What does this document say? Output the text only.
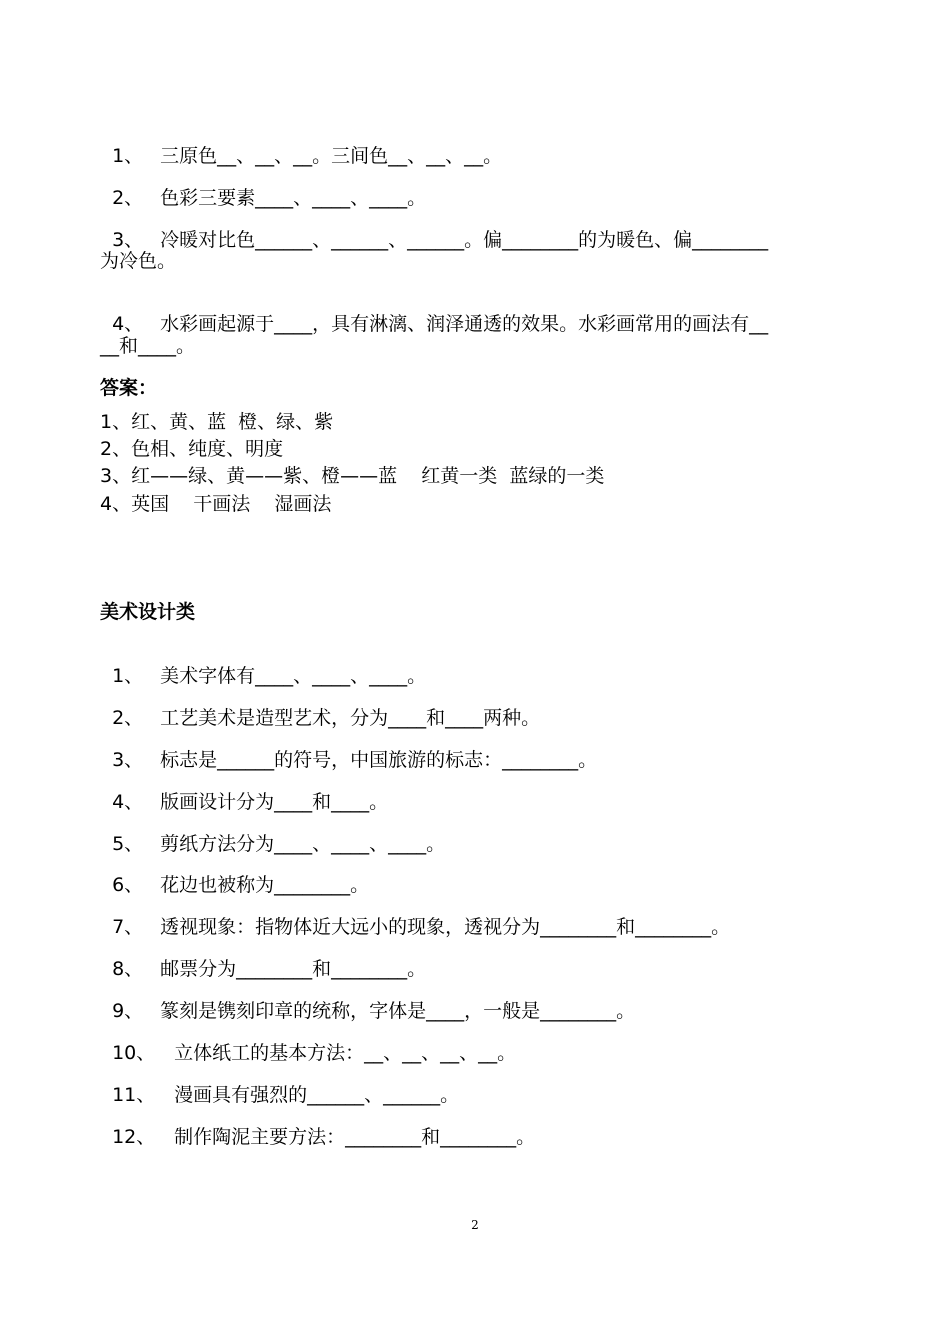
1、 三原色__、__、__。三间色__、__、__。

2、 色彩三要素____、____、____。

3、 冷暖对比色______、______、______。偏________的为暖色、偏________

为冷色。

4、 水彩画起源于____，具有淋漓、润泽通透的效果。水彩画常用的画法有__

__和____。
答案：
1、红、黄、蓝  橙、绿、紫
2、色相、纯度、明度
3、红——绿、黄——紫、橙——蓝    红黄一类  蓝绿的一类
4、英国    干画法    湿画法
美术设计类

1、 美术字体有____、____、____。

2、 工艺美术是造型艺术，分为____和____两种。

3、 标志是______的符号，中国旅游的标志：________。

4、 版画设计分为____和____。

5、 剪纸方法分为____、____、____。

6、 花边也被称为________。

7、 透视现象：指物体近大远小的现象，透视分为________和________。

8、 邮票分为________和________。

9、 篆刻是镌刻印章的统称，字体是____，一般是________。

10、 立体纸工的基本方法：__、__、__、__。

11、 漫画具有强烈的______、______。

12、 制作陶泥主要方法：________和________。

2
